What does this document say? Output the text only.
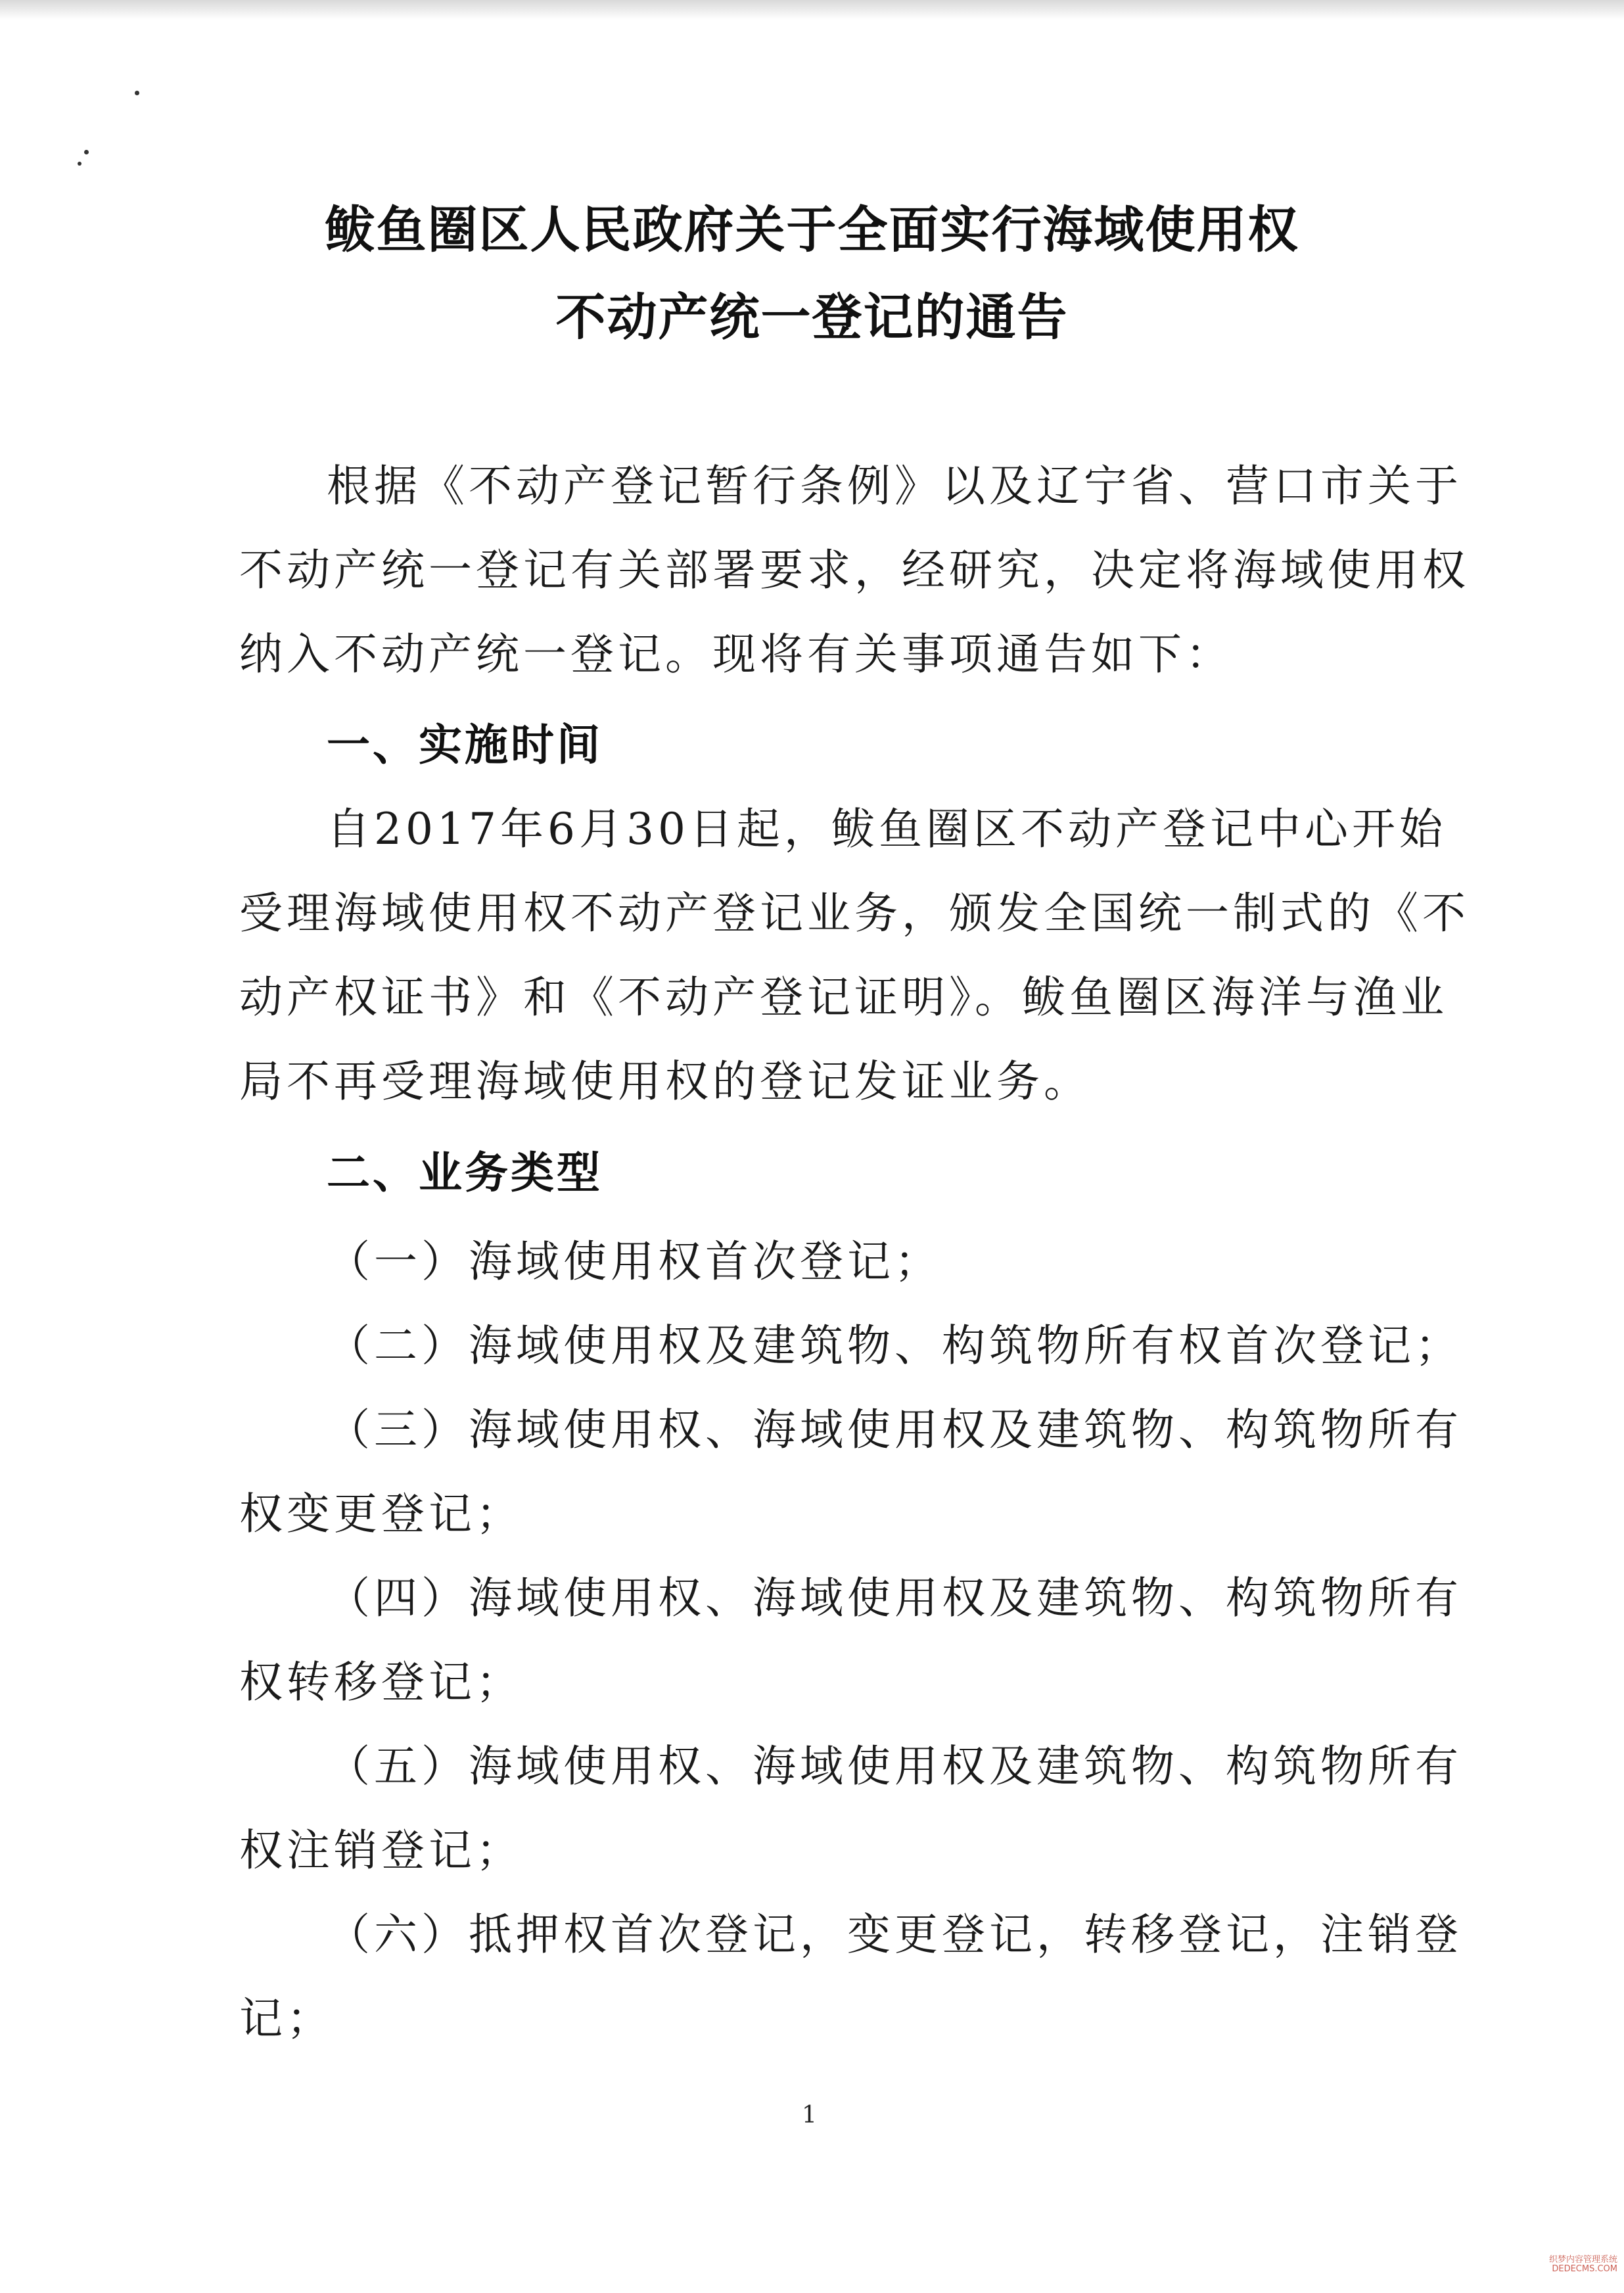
鲅鱼圈区人民政府关于全面实行海域使用权
不动产统一登记的通告
根据《不动产登记暂行条例》以及辽宁省、营口市关于
不动产统一登记有关部署要求，经研究，决定将海域使用权
纳入不动产统一登记。现将有关事项通告如下：
一、实施时间
自2017年6月30日起，鲅鱼圈区不动产登记中心开始
受理海域使用权不动产登记业务，颁发全国统一制式的《不
动产权证书》和《不动产登记证明》。鲅鱼圈区海洋与渔业
局不再受理海域使用权的登记发证业务。
二、业务类型
（一）海域使用权首次登记；
（二）海域使用权及建筑物、构筑物所有权首次登记；
（三）海域使用权、海域使用权及建筑物、构筑物所有
权变更登记；
（四）海域使用权、海域使用权及建筑物、构筑物所有
权转移登记；
（五）海域使用权、海域使用权及建筑物、构筑物所有
权注销登记；
（六）抵押权首次登记，变更登记，转移登记，注销登
记；
1
织梦内容管理系统 DEDECMS.COM
